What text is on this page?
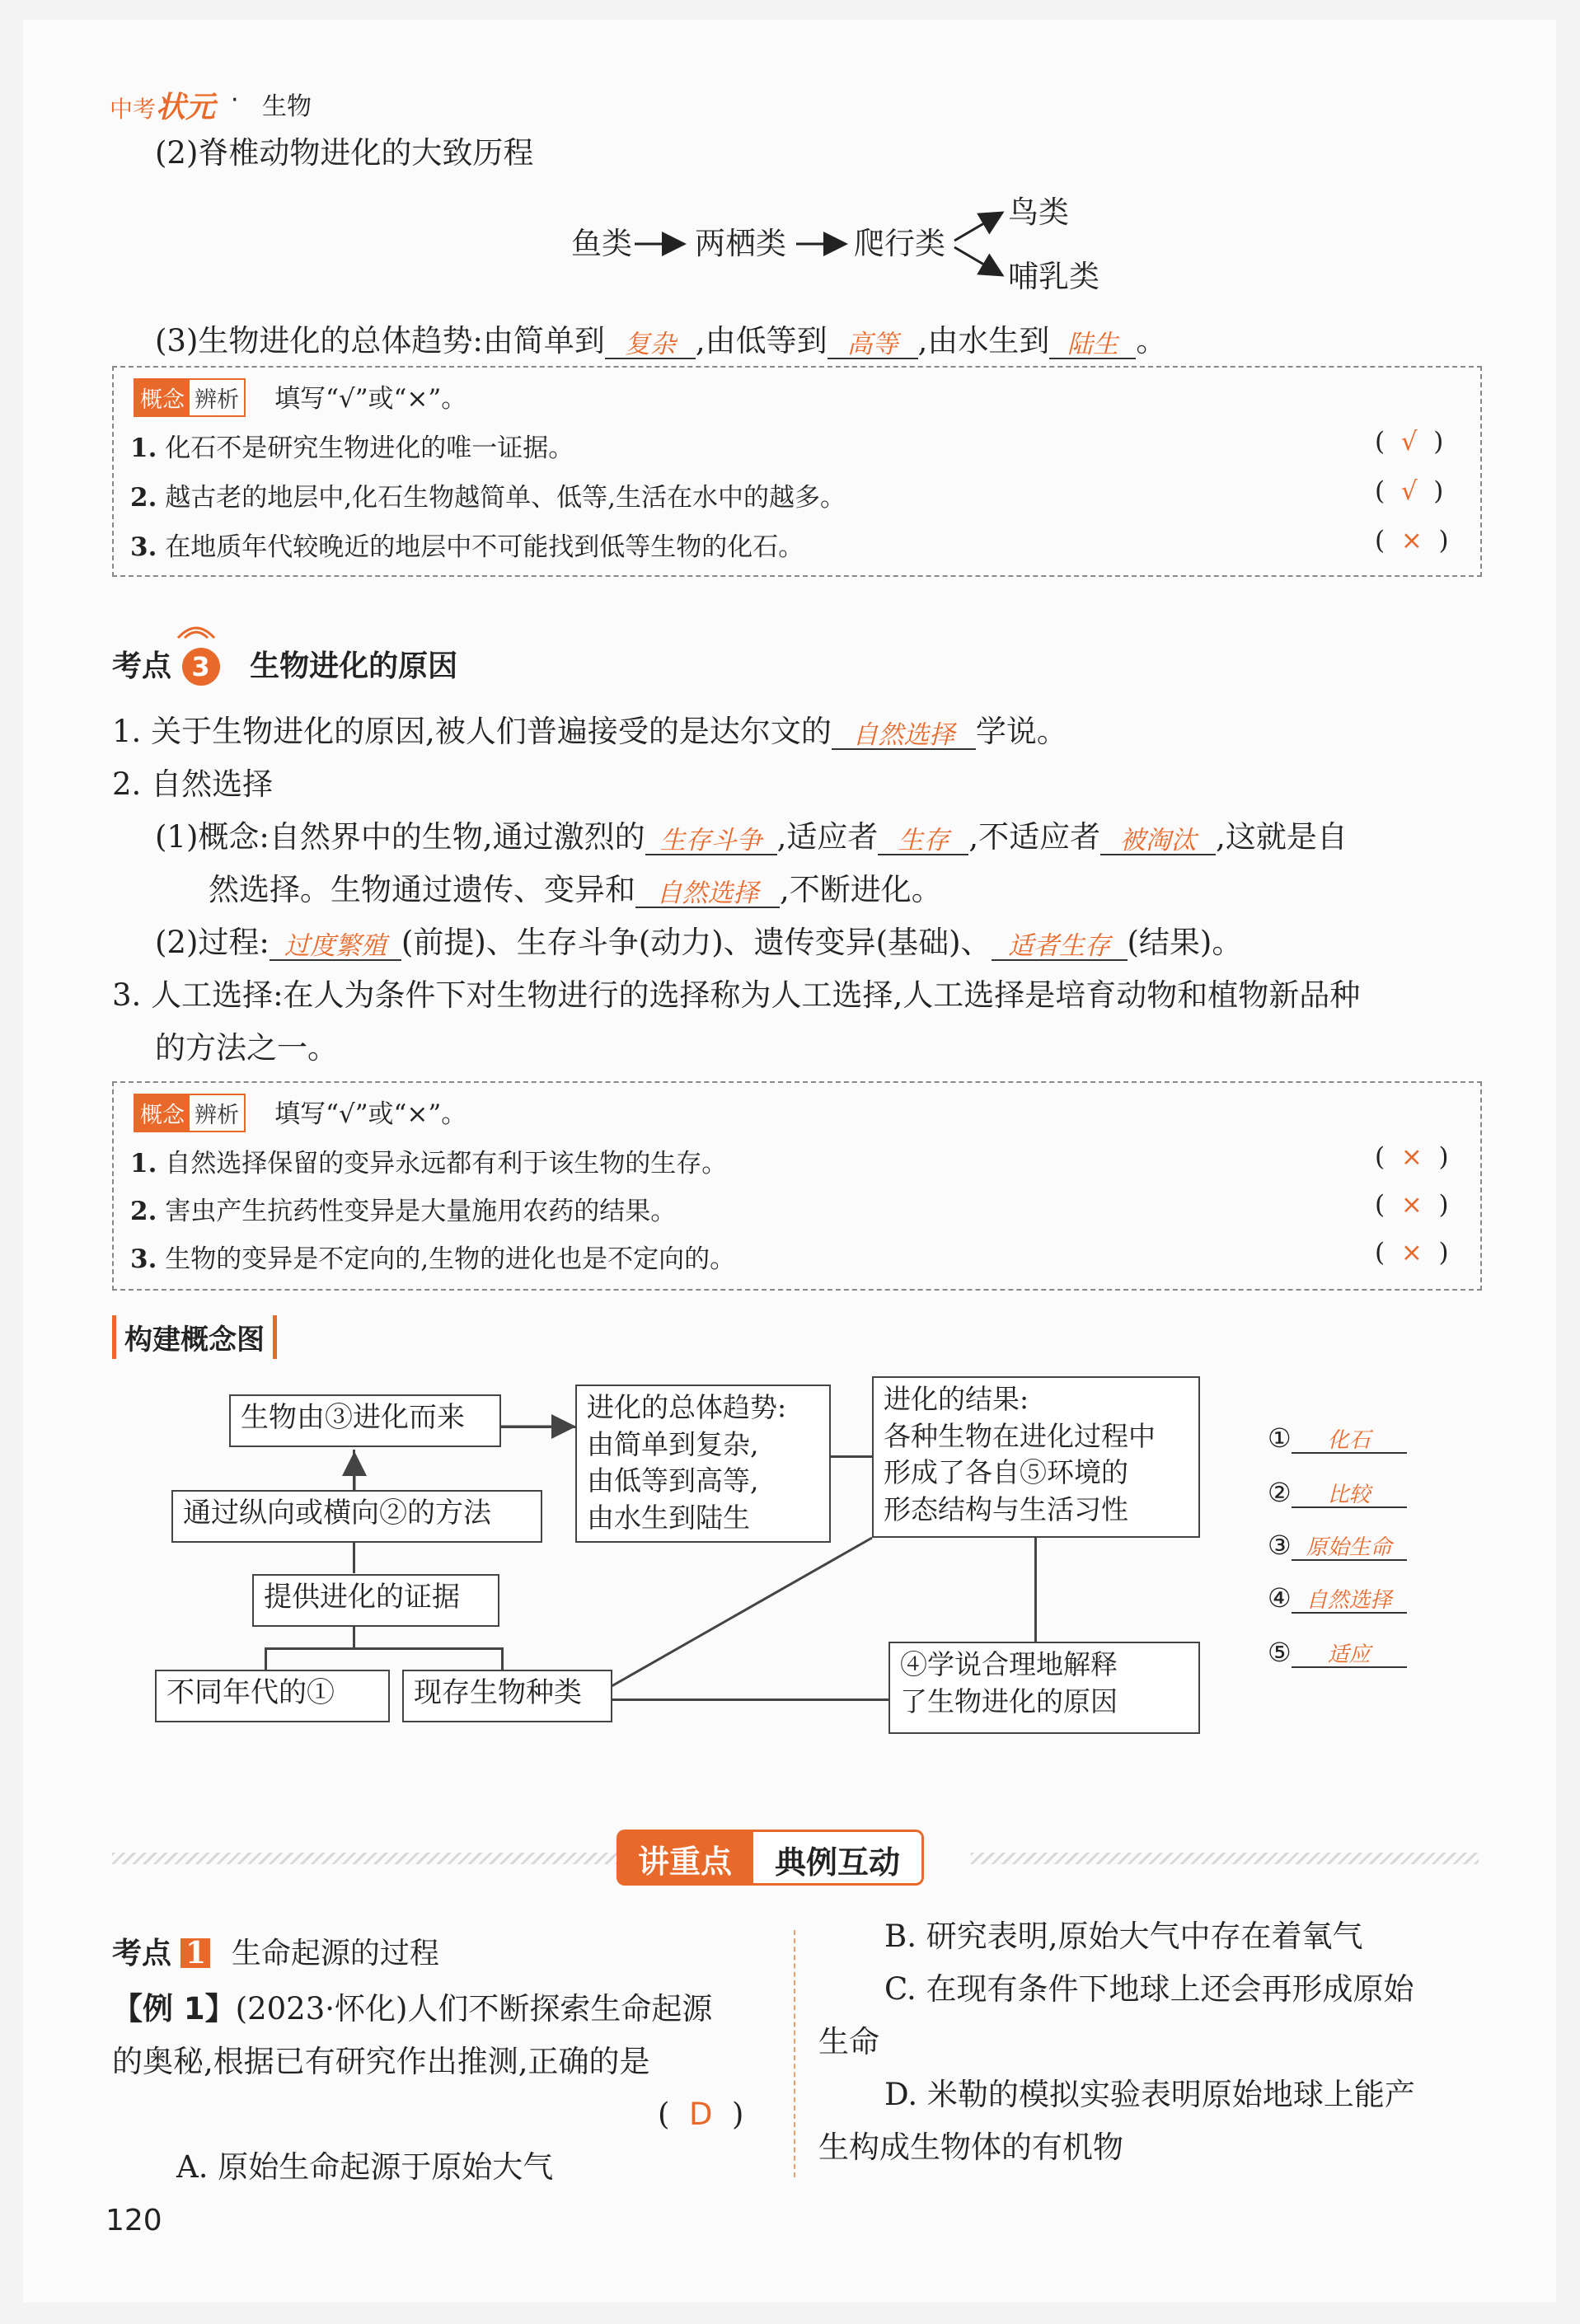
中考状元 · 生物
(2)脊椎动物进化的大致历程
鱼类 两栖类 爬行类
鸟类
哺乳类
(3)生物进化的总体趋势:由简单到 复杂 ,由低等到 高等 ,由水生到 陆生 。
概念 辨析 填写“√”或“×”。
1. 化石不是研究生物进化的唯一证据。	(  √  )
2. 越古老的地层中,化石生物越简单、低等,生活在水中的越多。	(  √  )
3. 在地质年代较晚近的地层中不可能找到低等生物的化石。	(  ×  )
考点 3 生物进化的原因
1. 关于生物进化的原因,被人们普遍接受的是达尔文的 自然选择 学说。
2. 自然选择
(1)概念:自然界中的生物,通过激烈的 生存斗争 ,适应者 生存 ,不适应者 被淘汰 ,这就是自
然选择。生物通过遗传、变异和 自然选择 ,不断进化。
(2)过程: 过度繁殖 (前提)、生存斗争(动力)、遗传变异(基础)、 适者生存 (结果)。
3. 人工选择:在人为条件下对生物进行的选择称为人工选择,人工选择是培育动物和植物新品种
的方法之一。
概念 辨析 填写“√”或“×”。
1. 自然选择保留的变异永远都有利于该生物的生存。	(  ×  )
2. 害虫产生抗药性变异是大量施用农药的结果。	(  ×  )
3. 生物的变异是不定向的,生物的进化也是不定向的。	(  ×  )
构建概念图
生物由③进化而来
通过纵向或横向②的方法
提供进化的证据
不同年代的①	现存生物种类
进化的总体趋势:
由简单到复杂,
由低等到高等,
由水生到陆生
进化的结果:
各种生物在进化过程中
形成了各自⑤环境的
形态结构与生活习性
④学说合理地解释
了生物进化的原因
① 化石
② 比较
③ 原始生命
④ 自然选择
⑤ 适应
讲重点	典例互动
考点 1 生命起源的过程
【例 1】(2023·怀化)人们不断探索生命起源
的奥秘,根据已有研究作出推测,正确的是
(  D  )
A. 原始生命起源于原始大气
B. 研究表明,原始大气中存在着氧气
C. 在现有条件下地球上还会再形成原始
生命
D. 米勒的模拟实验表明原始地球上能产
生构成生物体的有机物
120
